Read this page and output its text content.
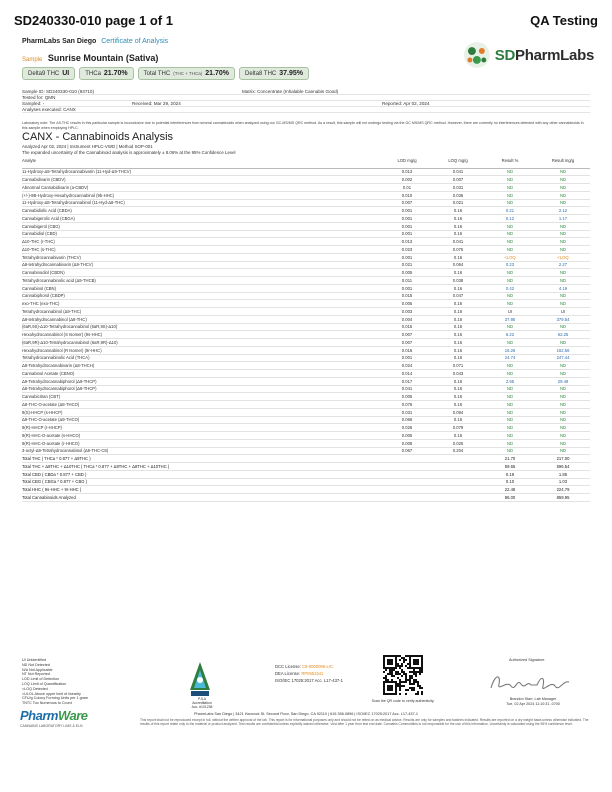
SD240330-010 page 1 of 1	QA Testing
PharmLabs San Diego Certificate of Analysis
Sample Sunrise Mountain (Sativa)	SDPharmLabs
Delta9 THC UI	THCa 21.70%	Total THC (THC + THCa) 21.70%	Delta8 THC 37.95%
Sample ID: SD240330-010 (93710)	Matrix: Concentrate (Inhalable Cannabis Good)
Tested for: QMN
Sampled: -	Received: Mar 29, 2024	Reported: Apr 02, 2024
Analyses executed: CANX
Laboratory note: The Δ9-THC results in this particular sample is inconclusive due to potential interferences from several cannabinoids when analyzed using our GC-MS/MS QRC method. As a result, this sample will not undergo testing via the GC MS/MS QRC method. However, there are currently no interferences detected with any other cannabinoids in this sample when employing HPLC.
CANX - Cannabinoids Analysis
Analyzed Apr 02, 2024 | Instrument HPLC-VWD | Method SOP-001
The expanded uncertainty of the Cannabinoid analysis is approximately ± 8.06% at the 95% Confidence Level
Analyte	LOD mg/g	LOQ mg/g	Result %	Result mg/g
11-Hydroxy-Δ9-Tetrahydrocannabivarin (11-Hyd-Δ9-THCV)	0.013	0.041	ND	ND
Cannabidivarin (CBDV)	0.002	0.007	ND	ND
Abnormal Cannabidivarin (a-CBDV)	0.01	0.031	ND	ND
(+/-)-9B-Hydroxy-Hexahydrocannabinol (9b-HHC)	0.010	0.036	ND	ND
11-Hydroxy-Δ8-Tetrahydrocannabinol (11-Hyd-Δ8-THC)	0.007	0.021	ND	ND
Cannabidiolic Acid (CBDA)	0.001	0.16	0.21	2.12
Cannabigerolic Acid (CBGA)	0.001	0.16	0.12	1.17
Cannabigerol (CBG)	0.001	0.16	ND	ND
Cannabidiol (CBD)	0.001	0.16	ND	ND
Δ10-THC (r-THC)	0.013	0.041	ND	ND
Δ10-THC (s-THC)	0.023	0.075	ND	ND
Tetrahydrocannabivarin (THCV)	0.001	0.16	<LOQ	<LOQ
Δ8-tetrahydrocannabivarin (Δ8-THCV)	0.021	0.064	0.23	2.27
Cannabinodiol (CBDN)	0.005	0.16	ND	ND
Tetrahydrocannabinolic acid (Δ9-THCB)	0.011	0.038	ND	ND
Cannabinol (CBN)	0.001	0.16	0.42	4.19
Cannabiphorol (CBDP)	0.015	0.047	ND	ND
exo-THC (exo-THC)	0.005	0.16	ND	ND
Tetrahydrocannabinol (Δ9-THC)	0.003	0.16	UI	UI
Δ8-tetrahydrocannabinol (Δ8-THC)	0.004	0.16	37.95	379.54
(6aR,9S)-Δ10-Tetrahydrocannabinol (6aR,9S)-Δ10)	0.015	0.16	ND	ND
Hexahydrocannabinol (S Isomer) (9s-HHC)	0.007	0.16	6.22	62.25
(6aR,9R)-Δ10-Tetrahydrocannabinol (6aR,9R)-Δ10)	0.007	0.16	ND	ND
Hexahydrocannabinol (R Isomer) (9r-HHC)	0.016	0.16	16.26	162.56
Tetrahydrocannabinolic Acid (THCA)	0.001	0.16	24.74	247.44
Δ8-Tetrahydrocannabivarin (Δ8-THCH)	0.024	0.071	ND	ND
Cannabinol Acetate (CBNO)	0.014	0.043	ND	ND
Δ9-Tetrahydrocannabiphorol (Δ9-THCP)	0.017	0.16	2.95	29.48
Δ8-Tetrahydrocannabiphorol (Δ8-THCP)	0.041	0.16	ND	ND
Cannabicitran (CBT)	0.005	0.16	ND	ND
Δ8-THC-O-acetate (Δ8-THCO)	0.076	0.16	ND	ND
9(S)-HHCP (s-HHCP)	0.031	0.094	ND	ND
Δ9-THC-O-acetate (Δ9-THCO)	0.066	0.16	ND	ND
9(R)-HHCP (r-HHCP)	0.026	0.079	ND	ND
9(R)-HHC-O-acetate (s-HHCO)	0.005	0.16	ND	ND
9(R)-HHC-O-acetate (r-HHCO)	0.008	0.025	ND	ND
3-octyl-Δ9-Tetrahydrocannabinol (Δ9-THC-C8)	0.067	0.204	ND	ND
Total THC ( THCa * 0.877 + Δ9THC )			21.70	217.00
Total THC + Δ8THC + Δ10THC ( THCa * 0.877 + Δ9THC + Δ8THC + Δ10THC )			59.65	596.54
Total CBD ( CBDa * 0.877 + CBD )			0.19	1.86
Total CBG ( CBGa * 0.877 + CBG )			0.10	1.03
Total HHC ( 9s-HHC + 9r-HHC )			22.48	224.79
Total Cannabinoids Analyzed			86.00	859.95
UI Unidentified
ND Not Detected
N/A Not Applicable
NT Not Reported
LOD Limit of Detection
LOQ Limit of Quantification
<LOQ Detected
>ULOL Above upper limit of linearity
CFU/g Colony Forming Units per 1 gram
TNTC Too Numerous to Count
PharmWare
CANNABIS LABORATORY LIMS & ELN
PJLA
Accreditation
Acc. #101238
DCC License: C8-0000096-LIC
DEA License: RP0551541
ISO/IEC 17025:2017 Acc. L17-437-1
Scan the QR code to verify authenticity.
Authorized Signature
Brandon Starr, Lab Manager
Tue, 02 Apr 2024 11:10:31 -0700
PharmLabs San Diego | 3421 Hancock St, Second Floor, San Diego, CA 92110 | 619.356.0896 | ISO/IEC 17025:2017 Acc. L17-437-1
This report shall not be reproduced except in full, without the written approval of the lab. This report is for informational purposes only and should not be relied on as medical advice. Results are only for samples and batches indicated. Results are reported on a dry weight basis unless otherwise indicated. The results of this report relate only to the material or product analyzed. Test results are confidential unless explicitly waived otherwise. Void after 1 year from test end date. Cannabis Commodities is not responsible for the use of this information. Uncertainty is calculated using the 95% confidence level.
